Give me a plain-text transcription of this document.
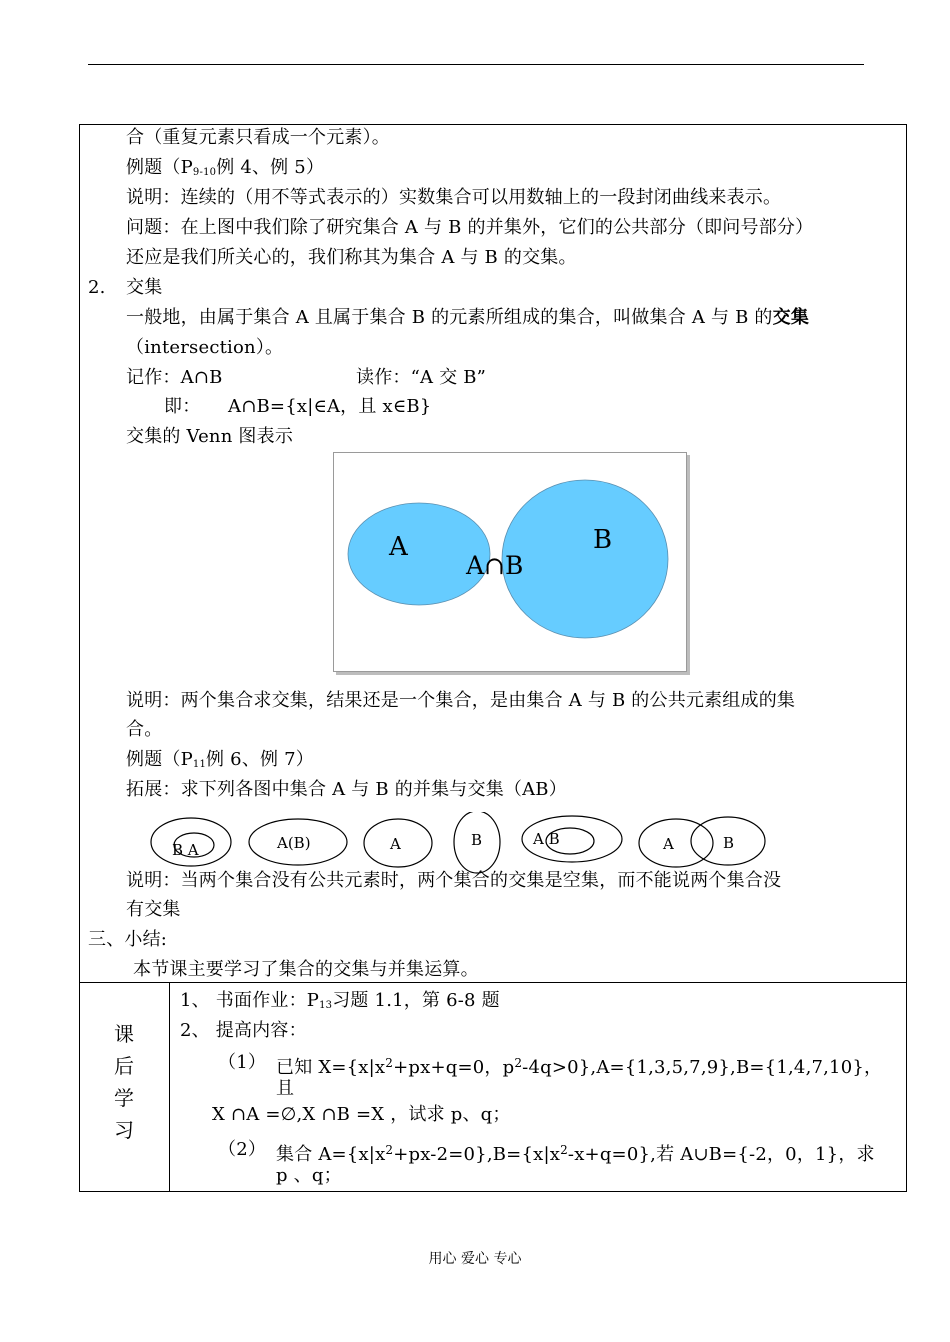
合（重复元素只看成一个元素）。
例题（$P_{9-10}$例 4、例 5）
说明：连续的（用不等式表示的）实数集合可以用数轴上的一段封闭曲线来表示。
问题：在上图中我们除了研究集合 A 与 B 的并集外，它们的公共部分（即问号部分）
还应是我们所关心的，我们称其为集合 A 与 B 的交集。
2. 交集
一般地，由属于集合 A 且属于集合 B 的元素所组成的集合，叫做集合 A 与 B 的交集
（intersection）。
记作：A∩B	读作：“A 交 B”
即： A∩B={x|∈A，且 x∈B}
交集的 Venn 图表示
A	B
A∩B
说明：两个集合求交集，结果还是一个集合，是由集合 A 与 B 的公共元素组成的集
合。
例题（$P_{11}$例 6、例 7）
拓展：求下列各图中集合 A 与 B 的并集与交集（AB）
B A	A(B)	A	B	A B	A	B
说明：当两个集合没有公共元素时，两个集合的交集是空集，而不能说两个集合没
有交集
三、小结:
本节课主要学习了集合的交集与并集运算。
课
后
学
习
1、 书面作业：$P_{13}$习题 1.1，第 6-8 题
2、 提高内容：
（1） 已知 $X=\{x|x^2+px+q=0$，$p^2-4q>0\},A=\{1,3,5,7,9\},B=\{1,4,7,10\}$，
且
X ∩A =∅,X ∩B =X ，试求 p、q；
（2） 集合 $A=\{x|x^2+px-2=0\},B=\{x|x^2-x+q=0\}$,若 A∪B={-2，0，1}，求
p 、q；
用心 爱心 专心
